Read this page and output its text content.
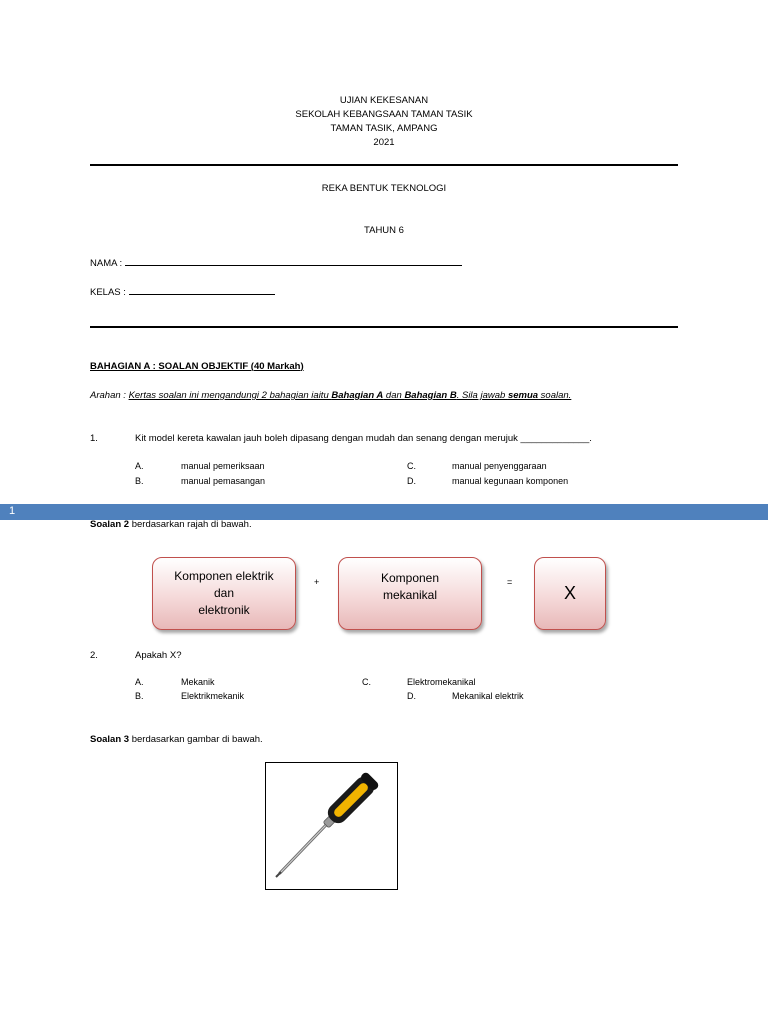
UJIAN KEKESANAN
SEKOLAH KEBANGSAAN TAMAN TASIK
TAMAN TASIK, AMPANG
2021
REKA BENTUK TEKNOLOGI
TAHUN 6
NAMA :
KELAS :
BAHAGIAN A : SOALAN OBJEKTIF (40 Markah)
Arahan : Kertas soalan ini mengandungi 2 bahagian iaitu Bahagian A dan Bahagian B. Sila jawab semua soalan.
1.	Kit model kereta kawalan jauh boleh dipasang dengan mudah dan senang dengan merujuk _____________.
A.	manual pemeriksaan
B.	manual pemasangan
C.	manual penyenggaraan
D.	manual kegunaan komponen
1
Soalan 2 berdasarkan rajah di bawah.
Komponen elektrik
dan
elektronik
+	Komponen
mekanikal
=
X
2.	Apakah X?
A.	Mekanik
B.	Elektrikmekanik
C.	Elektromekanikal
D.	Mekanikal elektrik
Soalan 3 berdasarkan gambar di bawah.
